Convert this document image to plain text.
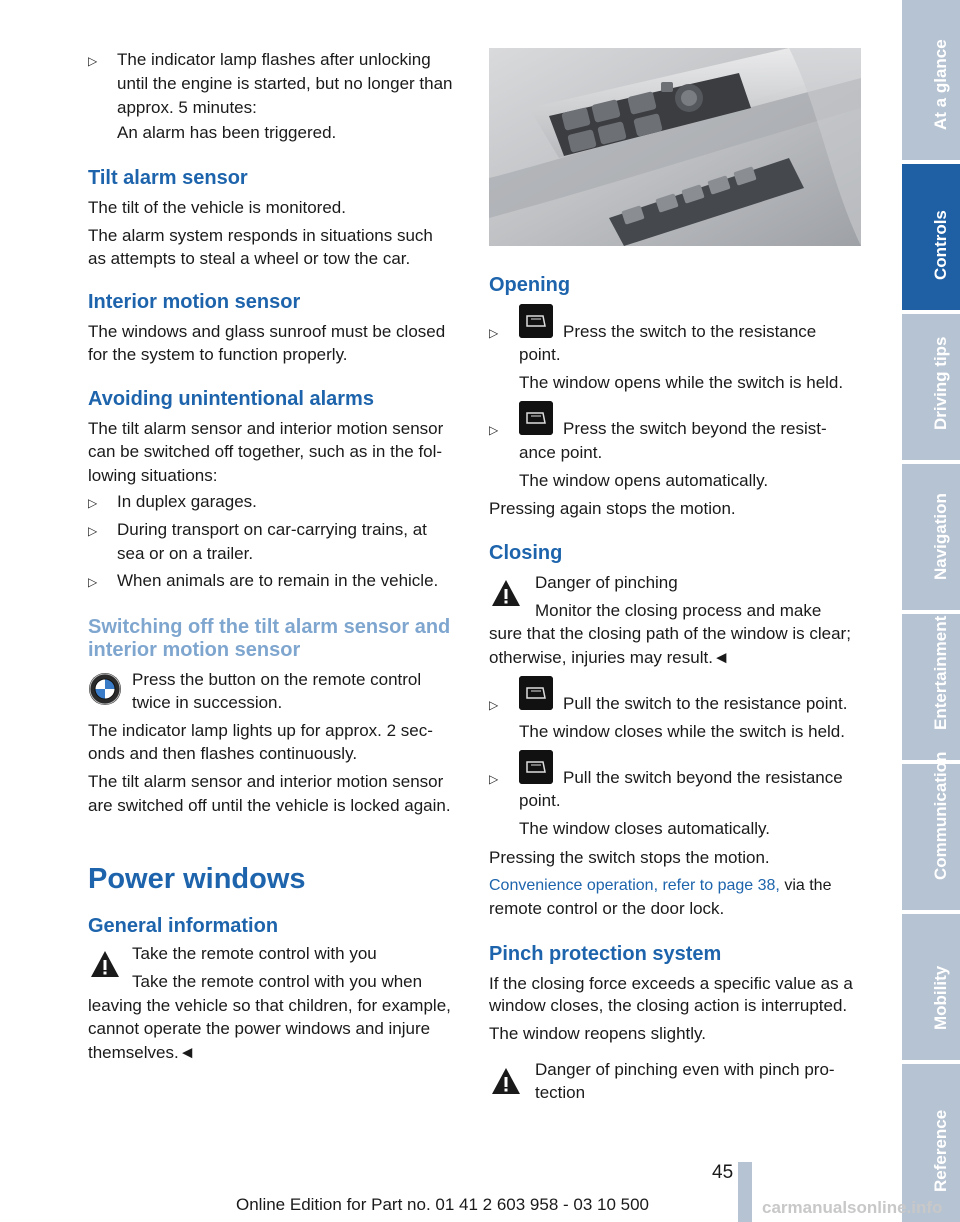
▷ The indicator lamp flashes after unlocking
until the engine is started, but no longer than
approx. 5 minutes:
An alarm has been triggered.
Tilt alarm sensor
The tilt of the vehicle is monitored.
The alarm system responds in situations such
as attempts to steal a wheel or tow the car.
Interior motion sensor
The windows and glass sunroof must be closed
for the system to function properly.
Avoiding unintentional alarms
The tilt alarm sensor and interior motion sensor
can be switched off together, such as in the fol-
lowing situations:
▷ In duplex garages.
▷ During transport on car-carrying trains, at
sea or on a trailer.
▷ When animals are to remain in the vehicle.
Switching off the tilt alarm sensor and
interior motion sensor
Press the button on the remote control
twice in succession.
The indicator lamp lights up for approx. 2 sec-
onds and then flashes continuously.
The tilt alarm sensor and interior motion sensor
are switched off until the vehicle is locked again.
Power windows
General information
Take the remote control with you
Take the remote control with you when
leaving the vehicle so that children, for example,
cannot operate the power windows and injure
themselves.◄
Opening
▷	Press the switch to the resistance
point.
The window opens while the switch is held.
▷	Press the switch beyond the resist-
ance point.
The window opens automatically.
Pressing again stops the motion.
Closing
Danger of pinching
Monitor the closing process and make
sure that the closing path of the window is clear;
otherwise, injuries may result.◄
▷	Pull the switch to the resistance point.
The window closes while the switch is held.
▷	Pull the switch beyond the resistance
point.
The window closes automatically.
Pressing the switch stops the motion.
Convenience operation, refer to page 38, via the
remote control or the door lock.
Pinch protection system
If the closing force exceeds a specific value as a
window closes, the closing action is interrupted.
The window reopens slightly.
Danger of pinching even with pinch pro-
tection
At a glance
Controls
Driving tips
Navigation
Entertainment
Communication
Mobility
Reference
45
Online Edition for Part no. 01 41 2 603 958 - 03 10 500	carmanualsonline.info
